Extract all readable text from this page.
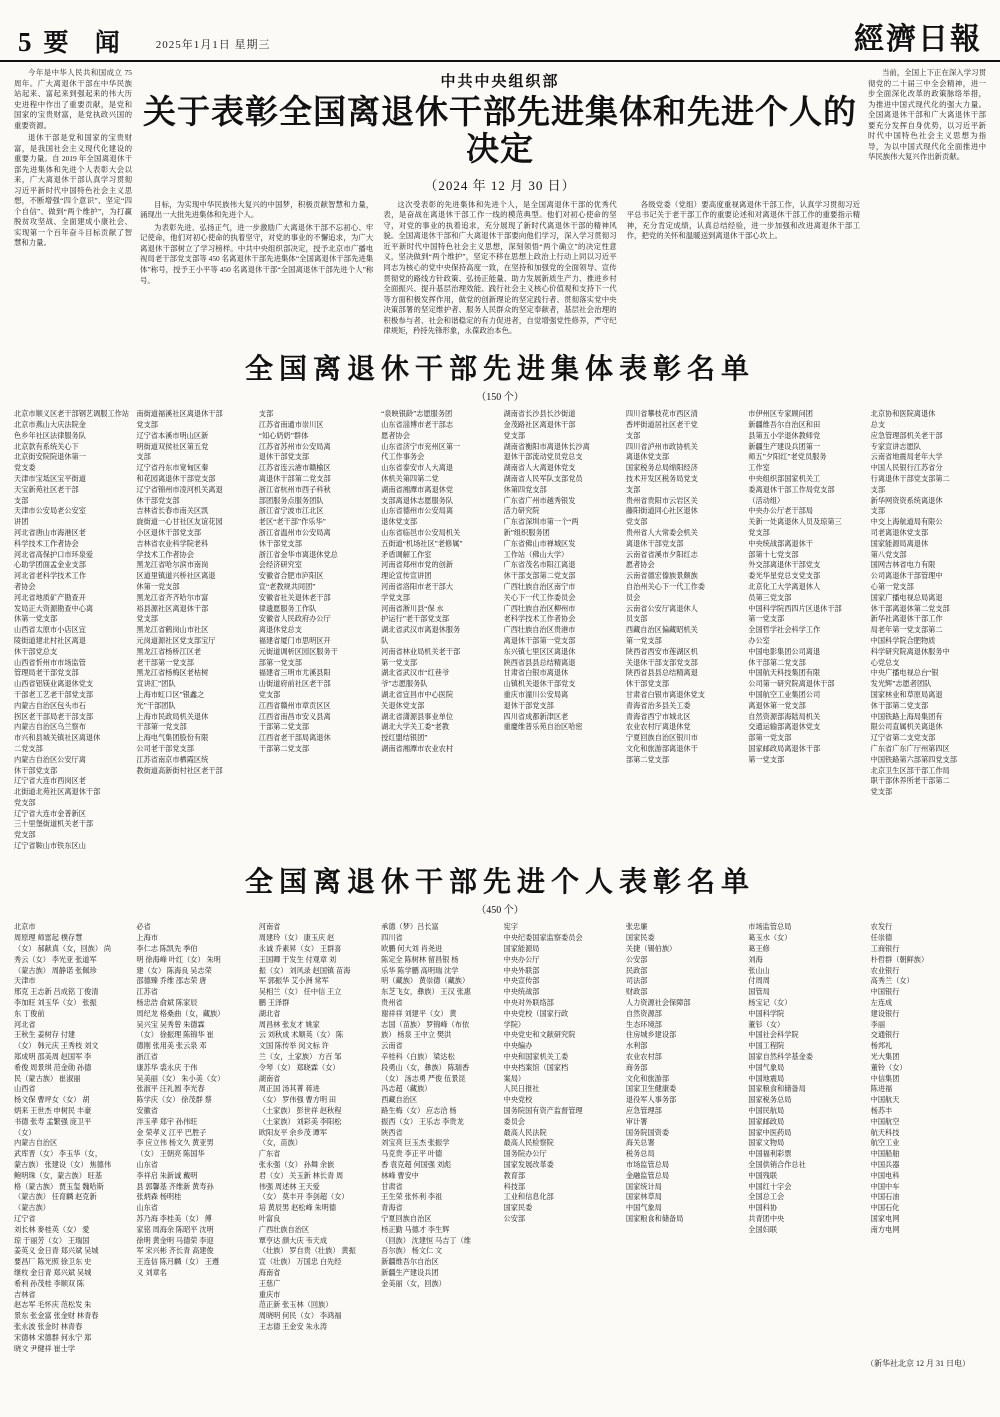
5 要 闻 2025年1月1日 星期三	經濟日報

今年是中华人民共和国成立 75 周年。广大离退休干部在中华民族站起来、富起来到强起来的伟大历史进程中作出了重要贡献，是党和国家的宝贵财富，是党执政兴国的重要资源。

退休干部是党和国家的宝贵财富，是我国社会主义现代化建设的重要力量。自 2019 年全国离退休干部先进集体和先进个人表彰大会以来，广大离退休干部认真学习贯彻习近平新时代中国特色社会主义思想，不断增强“四个意识”、坚定“四个自信”、做到“两个维护”，为打赢脱贫攻坚战、全面建成小康社会、实现第一个百年奋斗目标贡献了智慧和力量。

中共中央组织部
关于表彰全国离退休干部先进集体和先进个人的决定
（2024 年 12 月 30 日）

目标，为实现中华民族伟大复兴的中国梦，积极贡献智慧和力量，涌现出一大批先进集体和先进个人。

为表彰先进、弘扬正气，进一步激励广大离退休干部不忘初心、牢记使命，他们对初心使命的执着坚守，对党的事业的不懈追求，为广大离退休干部树立了学习榜样。中共中央组织部决定，授予北京市广播电视局老干部党支部等 450 名离退休干部先进集体“全国离退休干部先进集体”称号，授予王小平等 450 名离退休干部“全国离退休干部先进个人”称号。

这次受表彰的先进集体和先进个人，是全国离退休干部的优秀代表，是奋战在离退休干部工作一线的模范典型。他们对初心使命的坚守，对党的事业的执着追求，充分展现了新时代离退休干部的精神风貌。全国离退休干部和广大离退休干部要向他们学习，深入学习贯彻习近平新时代中国特色社会主义思想，深刻领悟“两个确立”的决定性意义，坚决做到“两个维护”，坚定不移在思想上政治上行动上同以习近平同志为核心的党中央保持高度一致，在坚持和加强党的全面领导、宣传贯彻党的路线方针政策、弘扬正能量、助力发展新质生产力、推进乡村全面振兴、提升基层治理效能、践行社会主义核心价值观和支持下一代等方面积极发挥作用，做党的创新理论的坚定践行者、贯彻落实党中央决策部署的坚定维护者、服务人民群众的坚定奉献者，基层社会治理的积极参与者、社会和谐稳定的有力促进者，自觉增强党性修养，严守纪律规矩，矜持先锋形象，永葆政治本色。

各级党委（党组）要高度重视离退休干部工作，认真学习贯彻习近平总书记关于老干部工作的重要论述和对离退休干部工作的重要指示精神，充分肯定成绩，认真总结经验，进一步加强和改进离退休干部工作，把党的关怀和温暖送到离退休干部心坎上。

当前，全国上下正在深入学习贯彻党的二十届三中全会精神，进一步全面深化改革的政策脉络举措，为推进中国式现代化的强大力量。全国离退休干部和广大离退休干部要充分发挥自身优势，以习近平新时代中国特色社会主义思想为指导，为以中国式现代化全面推进中华民族伟大复兴作出新贡献。

全国离退休干部先进集体表彰名单
（150 个）
北京市顺义区老干部钢艺调服工作站
北京市燕山大庆法院金
色乡年社区法律服务队
北京款有系统关心下
北京街安院院退休第一
党支委
天津市宝坻区宝平街道
天宝新苑社区老干部
支部
天津市公安局老公安室
讲团
河北省唐山市海港区老
科学技术工作者协会
河北省高保护口市环泉爱
心助学团面孟金业支部
河北省老科学技术工作
者协会
河北省地质矿产勘查开
发局正大资源勘查中心离
休第一党支部
山西省太原市小店区宜
陵街道建北村社区离退
休干部党总支
山西省忻州市市场监管
管理局老干部党支部
山西省铝镁业离退休党支
干部老工艺老干部党支部
内蒙古自治区包头市石
拐区老干部局老干部支部
内蒙古自治区乌兰察布
市兴和县城关镇社区离退休
二党支部
内蒙古自治区公安厅离
休干部党支部
辽宁省大连市西岗区老
北街道北苑社区离退休干部
党支部
辽宁省大连市金普新区
三十里堡街道机关老干部
党支部
辽宁省鞍山市铁东区山
南街道福溪社区离退休干部
党支部
辽宁省本溪市明山区新
明街道双侯社区第五党
支部
辽宁省丹东市宽甸区秦
和花园离退休干部党支部
辽宁省锦州市凌河机关离退
休干部党支部
吉林省长春市南关区凯
旋街道一心甘社区友谊花园
小区退休干部党支部
吉林省农业科学院老科
学技术工作者协会
黑龙江省哈尔滨市南岗
区道里镇道兴桥社区离退
休第一党支部
黑龙江省齐齐哈尔市富
裕县源社区离退休干部
党支部
黑龙江省鹤岗山市社区
元岗道源社区党支部宝厅
黑龙江省杨桥江区老
老干部第一党支部
黑龙江省杨梅区老枯树
宣讲汇”团队
上海市虹口区”银鑫之
光”干部团队
上海市民政局机关退休
干部第一党支部
上海电气集团股份有限
公司老干部党支部
江苏省南京市栖霞区统
教街道高新街村社区老干部
支部
江苏省南通市崇川区
“知心奶奶”群体
江苏省苏州市公安局离
退休干部党支部
江苏省连云港市赣榆区
离退休干部第二党支部
浙江省杭州市西子科秋
部团服务点服务团队
浙江省宁波市江北区
老区“老干部”作乐华”
浙江省温州市公安局离
休干部党支部
浙江省金华市离退休党总
会经济研究室
安徽省合肥市庐阳区
宣“老教规共同团”
安徽省社关退休老干部
律遗愿服务工作队
安徽省人民政府办公厅
离退休党总支
福建省厦门市思明区开
元街道调析区园区服务干
部第一党支部
福建省三明市尤溪县阳
山街道府前社区老干部
党支部
江西省赣州市章贡区区
江西省南昌市安义县离
干部第二党支部
江西省老干部局离退休
干部第二党支部
“泉映银龄”志愿服务团
山东省淄博市老干部志
愿者协会
山东省济宁市兖州区第一
代工作事务会
山东省泰安市人大离退
休机关第四第二党
湖南省湘潭市离退休党
支部离退休志愿服务队
山东省德州市公安局离
退休党支部
山东省临邑市公安局机关
五街道“机场社区”老修属”
矛盾调解工作室
河南省郑州市党的创新
理论宣传宣讲团
河南省洛阳市老干部大
学党支部
河南省淅川县“保 水
护运行”老干部党支部
湖北省武汉市离退休服务
队
河南省林业局机关老干部
第一党支部
湖北省武汉市“红巷爷
爷”志愿服务队
湖北省宜昌市中心医院
关退休党支部
湖北省潇源县事业单位
湖北大学关工委“老教
授红盟结银团”
湖南省湘潭市农业农村
湖南省长沙县长沙街道
金茂路社区离退休干部
党支部
湖南省衡阳市离退休长沙离
退休干部流动党员党总支
湖南省人大离退休党支
湖南省人民军队支部党员
休第四党支部
广东省广州市越秀银发
活力研究院
广东省深圳市第一个“两
新”组织服务团
广东省佛山市禅城区发
工作站（佛山大学）
广东省茂名市阳江离退
休干部支部第二党支部
广西壮族自治区南宁市
关心下一代工作委员会
广西壮族自治区柳州市
老科学技术工作者协会
广西壮族自治区贵港市
离退休干部第一党支部
东兴镇七里区区离退休
陕西省县县总结精离退
甘肃省白银市离退休
山镇机关退休干部党支
重庆市潼川公安局离
退休干部党支部
四川省成都新津区老
重慶维普乐苑自治区哈密
四川省攀枝花市西区清
香坪街道居社区老干党
支部
四川省泸州市政协机关
离退休党支部
国家税务总局绵阳经济
技术开发区税务局党支
支部
贵州省贵阳市云岩区关
藤阳街道同心社区退休
党支部
贵州省人大常委会机关
离退休干部党支部
云南省省溪市夕阳红志
愿者协会
云南省德宏傣族景颇族
自治州关心下一代工作委
员会
云南省公安厅离退休人
员支部
西藏自治区偏藏昭机关
第一党支部
陕西省西安市莲湖区机
关退休干部支部党支部
陕西省县县总结精离退
休干部党支部
甘肃省白银市离退休党支
青海省治多县关工委
青海省西宁市城北区
农业农村厅离退休党
宁夏回族自治区银川市
文化和旅游部离退休干
部第二党支部
市伊州区专家顾问团
新疆维吾尔自治区和田
县第五小学退休教师党
新疆生产建设兵团第一
师五”夕阳红”老党员服务
工作室
中央组织部国家机关工
委离退休干部工作局党支部
（活动组）
中央办公厅老干部局
关新一处离退休人员及琼第三
党支部
中央统战部离退休干
部第十七党支部
外交部离退休干部党支
委光华星党总支党支部
北京化工大学离退休人
员第三党支部
中国科学院西四片区退休干部
第一党支部
全国哲学社会科学工作
办公室
中国电影集团公司离退
休干部第二党支部
中国航天科技集团有限
公司第一研究院离退休干部
中国航空工业集团公司
离退休第一党支部
自然资源部海陆局机关
交通运输部离退休党支
部第一党支部
国家邮政局离退休干部
第一党支部
北京协和医院离退休
总支
应急管理部机关老干部
专家宣讲志愿队
云南省地震局老年大学
中国人民银行江苏省分
行离退休干部党支部第二
支部
新华网资资系统离退休
支部
中交上海航道局有限公
司老离退休党支部
国家能源局离退休
第八党支部
国网吉林省电力有限
公司离退休干部管理中
心第一党支部
国家广播电视总局离退
休干部离退休第二党支部
新华社离退休干部工作
局老年第一党支部第二
中国科学院合肥物质
科学研究院离退休服务中
心党总支
中央广播电视总台“银
发光辉”志愿者团队
国家林业和草原局离退
休干部第二党支部
中国铁路上海局集团有
限公司直属机关离退休
辽宁省第二支党支部
广东省广东广厅州第四区
中国铁路第六部第四党支部
北京卫生区部干部工作局
职干部休养所老干部第二
党支部
全国离退休干部先进个人表彰名单
（450 个）
北京市
周原理 师雷起 樸存慧
（女） 郝献真（女，回族） 尚
秀云（女） 李光亚 张道军
（蒙古族） 周静诺 张佩珍
天津市
邢克 王志新 吕成铭 丁俊清
李加旺 刘玉华（女） 张振
东 丁俊前
河北省
王秋生 姜树存 付建
（女） 韩元庆 王秀枝 刘文
郑成明 邵美周 赵国军 李
希俊 周景琪 范金勋 孙德
民（蒙古族） 崔淑丽
山西省
杨文保 曹坪女（女） 胡
炳来 王世杰 申树民 丰豪
书德 张寿 孟繁强 庞卫平
（女）
内蒙古自治区
武库晋（女） 李玉华（女，
蒙古族） 张建设（女） 焦德伟
鲍明珠（女，蒙古族） 旺基
格（蒙古族） 贾玉玺 魏哈斯
（蒙古族） 任育麟 赵克新
（蒙古族）
辽宁省
刘长林 麥桂英（女） 愛
琼 于丽芳（女） 王瑞国
姜英义 金日青 郑兴斌 吴城
要昌厂 陈光照 徐卫东 史
继枚 金日青 郑兴斌 吴城
希利 孙茂桂 李顺双 陈
吉林省
赵志军 毛怀庆 范松发 朱
景东 张金富 张金财 林青春
张永波 张金时 林青春
宋德林 宋德群 何永宁 郑
晓文 尹健祥 崔士学
必省
上海市
李仁志 陈凯先 季伯
明 徐海峰 叶红（女） 朱明
建（女） 陈海良 吴志荣
邵德臻 乔维 邵志荣 唐
江苏省
杨忠浩 俞斌 陈家辰
周纪龙 格桑曲（女，藏族）
吴兴宝 吴秀曾 朱德霖
（女） 徐振理 陈锦华 崔
德刚 张用美 张云泉 邓
浙江省
康苏华 裘永庆 于伟
吴美丽（女） 朱小美（女）
张淑平 汪礼圆 李光春
陈学庆（女） 徐茂群 蔡
安徽省
泮玉孝 郑宇 孙伟旺
金 荣孝义 江平 巴胜子
李 应立伟 杨文久 黄亚男
（女） 王朝亮 陈国华
山东省
李祥启 朱新诚 戴明
县 郭馨基 齐维新 黄寿孙
张炳森 杨明桂
山东省
苏乃海 李桂美（女） 傅
家铭 周海余 陈昭平 沈明
徐明 黄金明 马德荣 李迎
军 宋兴彬 齐长青 高建俊
王连信 陈月麟（女） 王遵
义 刘章名
河南省
周建玲（女） 康玉庆 赵
永诚 乔素昇（女） 王群喜
王国卿 于发生 付观章 刘
振（女） 刘风录 赵国镇 苗海
军 郭振华 艾小洲 常军
吴相兰（女） 任中信 王立
鹏 王泽群
湖北省
周昌林 张友才 姚家
云 刘秋成 术顺英（女） 陈
文国 陈传举 闵文标 许
兰（女，土家族） 方百 邹
令琴（女） 郑晓霖（女）
湖南省
周正国 汤其菁 蒋进
（女） 罗伟强 曹方明 田
（土家族） 彭世祥 赵秋程
（土家族） 刘彩美 李阳松
欧阳友平 余乡茂 谭军
（女，苗族）
广东省
张永强（女） 孙舞 余嵌
君（女） 关玉新 林长青 周
伟强 周述林 王天爱
（女） 莫丰开 李剑超（女）
培 黄辰男 赵松峰 朱明德
叶富良
广西壮族自治区
覃亨达 颜大庆 韦天成
（壮族） 罗自贵（壮族） 黄振
宣（壮族） 万国忠 白先经
海南省
王慈广
重庆市
范正新 张玉林（回族）
周晓明 何民（女） 李鸿福
王志德 王金安 朱永涛
承德（梦）吕长富
四川省
欧鹏 何大刘 肖尧进
陈定全 陈树林 留昌银 杨
乐华 陈学鹏 高明瑞 沈学
明（藏族） 黄崇德（藏族）
东芝飞女，彝族） 王汉 张惠
贵州省
谢祥祥 刘建平（女） 黄
志国（苗族） 罗锦峰（布依
族） 杨泉 王中立 樊洪
云南省
辛桂科（白族） 梁达松
段勇山（女，彝族） 陈瑞香
（女） 汤志勇 严俊 伍景昆
冯志超（藏族）
西藏自治区
路生梅（女） 应志洽 杨
振西（女） 王乐志 李贵龙
陕西省
刘宝亮 巨玉杰 张振学
马克贵 李正平 叶德
香 袁克超 何国强 刘彪
林峰 曹安中
甘肃省
王生荣 张怀利 李祖
青海省
宁夏回族自治区
杨正勤 马德才 李生辉
（回族） 沈建恒 马吉丁（维
吾尔族） 杨文仁 文
新疆维吾尔自治区
新疆生产建设兵团
金美丽（女，回族）
宪字
中央纪委国家监察委员会
国家能源局
中央办公厅
中央外联部
中央宣传部
中央统战部
中央对外联络部
中央党校（国家行政
学院）
中央党史和文献研究院
中央编办
中央和国家机关工委
中央档案馆（国家档
案局）
人民日报社
中央党校
国务院国有资产监督管理
委员会
最高人民法院
最高人民检察院
国务院办公厅
国家发展改革委
教育部
科技部
工业和信息化部
国家民委
公安部
张忠廉
国家民委
关捷（锡伯族）
公安部
民政部
司法部
财政部
人力资源社会保障部
自然资源部
生态环境部
住房城乡建设部
水利部
农业农村部
商务部
文化和旅游部
国家卫生健康委
退役军人事务部
应急管理部
审计署
国务院国资委
海关总署
税务总局
市场监管总局
金融监管总局
国家统计局
国家林草局
中国气象局
国家粮食和储备局
市场监管总局
葛玉水（女）
葛王修
刘海
张山山
付周周
国管局
杨宝记（女）
中国科学院
董钐（女）
中国社会科学院
中国工程院
国家自然科学基金委
中国气象局
中国地震局
国家粮食和储备局
国家税务总局
中国民航局
国家邮政局
国家中医药局
国家文物局
中国福利彩票
全国供销合作总社
中国残联
中国红十字会
全国总工会
中国科协
共青团中央
全国妇联
农发行
任崇德
工商银行
朴哲群（朝鲜族）
农业银行
高秀兰（女）
中国银行
左连成
建设银行
李丽
交通银行
杨邦礼
光大集团
董铃（女）
中信集团
陈进福
中国航天
杨苏丰
中国航空
航天科技
航空工业
中国船舶
中国兵器
中国电科
中国中车
中国石油
中国石化
国家电网
南方电网
（新华社北京 12 月 31 日电）
